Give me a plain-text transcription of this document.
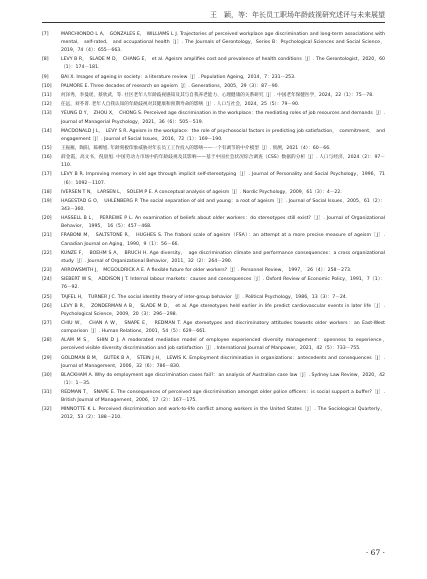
王　颖，等：年长员工职场年龄歧视研究述评与未来展望
[7]	MARCHIONDO L A,　GONZALES E,　WILLIAMS L J. Trajectories of perceived workplace age discrimination and long-term associations with mental,　self-rated,　and occupational health［J］. The Journals of Gerontology，Series B：Psychological Sciences and Social Science，2019，74（4）：655－663.
[8]	LEVY B R，　SLADE M D，　CHANG E，　et al. Ageism amplifies cost and prevalence of health conditions［J］. The Gerontologist，2020，60（1）：174－181.
[9]	BAI X. Images of ageing in society：a literature review［J］. Population Ageing，2014，7：231－253.
[10]	PALMORE E. Three decades of research on ageism［J］. Generations，2005，29（3）：87－90.
[11]	何泽秀，李曼瑶，蔡欣武，等. 社区老年人年龄歧视感知及其与自我养老能力、心理健康的关系研究［J］. 中国老年保健医学，2024，22（1）：75－78.
[12]	任远，刘苓菁. 老年人自我认知的年龄歧视对其健康和预期寿命的影响［J］. 人口与社会，2024，25（5）：79－90.
[13]	YEUNG D Y，　ZHOU X，　CHONG S. Perceived age discrimination in the workplace：the mediating roles of job resources and demands［J］. Journal of Managerial Psychology，2021，36（6）：505－519.
[14]	MACDONALD J L，　LEVY S R. Ageism in the workplace：the role of psychosocial factors in predicting job satisfaction，　commitment，　and engagement［J］. Journal of Social Issues，2016，72（1）：169－190.
[15]	王振雁，陶阳，陈柳旭. 年龄刻板印象威胁对年长员工工作投入的影响——一个有调节的中介模型［J］. 预测，2021（4）：60－66.
[16]	薛金霞，高文书，倪晨旭. 中国劳动力市场中的年龄歧视及其影响——基于中国社会状况综合调查（CSS）数据的分析［J］. 人口与经济，2024（2）：97－110.
[17]	LEVY B R. Improving memory in old age through implicit self-stereotyping［J］. Journal of Personality and Social Psychology，1996，71（6）：1092－1107.
[18]	IVERSEN T N，　LARSEN L，　SOLEM P E. A conceptual analysis of ageism［J］. Nordic Psychology，2009，61（3）：4－22.
[19]	HAGESTAD G O，　UHLENBERG P. The social separation of old and young：a root of ageism［J］. Journal of Social Issues，2005，61（2）：343－360.
[20]	HASSELL B L，　PERREWE P L. An examination of beliefs about older workers：do stereotypes still exist?［J］. Journal of Organizational Behavior，　1995，　16（5）：457－468.
[21]	FRABONI M，　SALTSTONE R，　HUGHES S. The fraboni scale of ageism（FSA）：an attempt at a more precise measure of ageism［J］. Canadian Journal on Aging，1990，9（1）：56－66.
[22]	KUNZE F，　BOEHM S A，　BRUCH H. Age diversity，　age discrimination climate and performance consequences：a cross organizational study［J］. Journal of Organizational Behavior，2011，32（2）：264－290.
[23]	ARROWSMITH J，　MCGOLDRICK A E. A flexible future for older workers?［J］. Personnel Review，　1997，　26（4）：258－273.
[24]	SIEBERT W S，　ADDISON J T. Internal labour markets：causes and consequences［J］. Oxford Review of Economic Policy，1991，7（1）：76－92.
[25]	TAJFEL H，　TURNER J C. The social identity theory of inter-group behavior［J］. Political Psychology，1986，13（3）：7－24.
[26]	LEVY B R，　ZONDERMAN A B，　SLADE M D，　et al. Age stereotypes held earlier in life predict cardiovascular events in later life［J］. Psychological Science，2009，20（3）：296－298.
[27]	CHIU W，　CHAN A W，　SNAPE E，　REDMAN T. Age stereotypes and discriminatory attitudes towards older workers：an East-West comparison［J］. Human Relations，2001，54（5）：629－661.
[28]	ALAM M S，　SHIN D J. A moderated mediation model of employee experienced diversity management：openness to experience，　perceived visible diversity discrimination and job satisfaction［J］. International Journal of Manpower，2021，42（5）：733－755.
[29]	GOLDMAN B M，　GUTEK B A，　STEIN J H，　LEWIS K. Employment discrimination in organizations：antecedents and consequences［J］. Journal of Management，2006，32（6）：786－830.
[30]	BLACKHAM A. Why do employment age discrimination cases fail?：an analysis of Australian case law［J］. Sydney Law Review，2020，42（1）：1－35.
[31]	REDMAN T，　SNAPE E. The consequences of perceived age discrimination amongst older police officers：is social support a buffer?［J］. British Journal of Management，2006，17（2）：167－175.
[32]	MINNOTTE K L. Perceived discrimination and work-to-life conflict among workers in the United States［J］. The Sociological Quarterly，2012，53（2）：188－210.
· 67 ·
